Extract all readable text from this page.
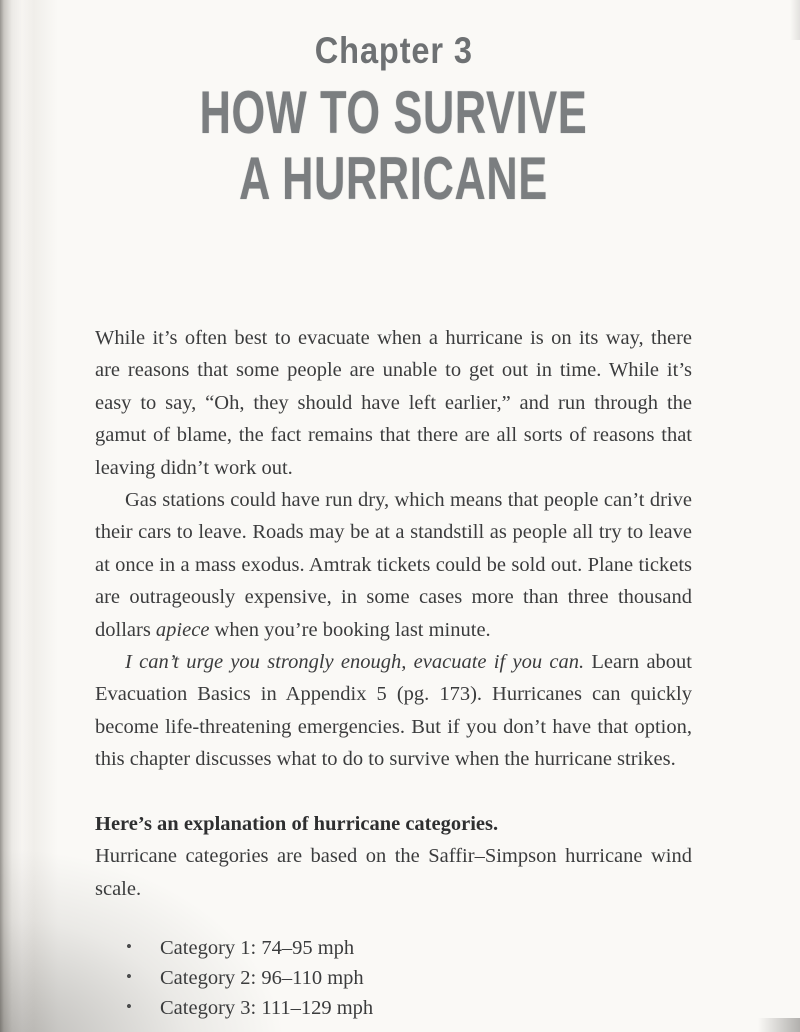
Chapter 3
HOW TO SURVIVE
A HURRICANE

While it’s often best to evacuate when a hurricane is on its way, there are reasons that some people are unable to get out in time. While it’s easy to say, “Oh, they should have left earlier,” and run through the gamut of blame, the fact remains that there are all sorts of reasons that leaving didn’t work out.

Gas stations could have run dry, which means that people can’t drive their cars to leave. Roads may be at a standstill as people all try to leave at once in a mass exodus. Amtrak tickets could be sold out. Plane tickets are outrageously expensive, in some cases more than three thousand dollars apiece when you’re booking last minute.

I can’t urge you strongly enough, evacuate if you can. Learn about Evacuation Basics in Appendix 5 (pg. 173). Hurricanes can quickly become life-threatening emergencies. But if you don’t have that option, this chapter discusses what to do to survive when the hurricane strikes.

Here’s an explanation of hurricane categories.

Hurricane categories are based on the Saffir–Simpson hurricane wind scale.

• Category 1: 74–95 mph
• Category 2: 96–110 mph
• Category 3: 111–129 mph
